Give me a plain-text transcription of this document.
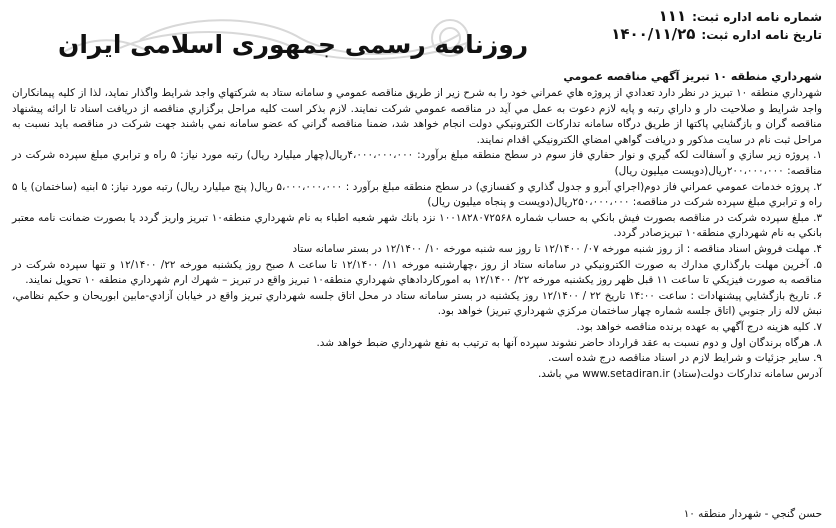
شماره نامه اداره ثبت:۱۱۱
تاریخ نامه اداره ثبت:۱۴۰۰/۱۱/۲۵
روزنامه رسمی جمهوری اسلامی ایران
شهرداري منطقه ۱۰ تبريز آگهي مناقصه عمومي

شهرداري منطقه ۱۰ تبريز در نظر دارد تعدادي از پروژه هاي عمراني خود را به شرح زير از طريق مناقصه عمومي و سامانه ستاد به شركتهاي واجد شرايط واگذار نمايد، لذا از كليه پيمانكاران واجد شرايط و صلاحيت دار و داراي رتبه و پايه لازم دعوت به عمل مي آيد در مناقصه عمومي شركت نمايند. لازم بذكر است كليه مراحل برگزاري مناقصه از دريافت اسناد تا ارائه پيشنهاد مناقصه گران و بازگشايي پاكتها از طريق درگاه سامانه تداركات الكترونيكي دولت انجام خواهد شد، ضمنا مناقصه گراني كه عضو سامانه نمي باشند جهت شركت در مناقصه بايد نسبت به مراحل ثبت نام در سايت مذكور و دريافت گواهي امضاي الكترونيكي اقدام نمايند.

۱. پروژه زير سازي و آسفالت لكه گيري و نوار حفاري فاز سوم در سطح منطقه مبلغ برآورد: ۴،۰۰۰،۰۰۰،۰۰۰ريال(چهار ميليارد ريال) رتبه مورد نياز: ۵ راه و ترابري مبلغ سپرده شركت در مناقصه: ۲۰۰،۰۰۰،۰۰۰ريال(دويست ميليون ريال)

۲. پروژه خدمات عمومي عمراني فاز دوم(اجراي آبرو و جدول گذاري و كفسازي) در سطح منطقه مبلغ برآورد : ۵،۰۰۰،۰۰۰،۰۰۰ ريال( پنج ميليارد ريال) رتبه مورد نياز: ۵ ابنيه (ساختمان) يا ۵ راه و ترابري مبلغ سپرده شركت در مناقصه: ۲۵۰،۰۰۰،۰۰۰ريال(دويست و پنجاه ميليون ريال)

۳. مبلغ سپرده شركت در مناقصه بصورت فيش بانكي به حساب شماره ۱۰۰۱۸۲۸۰۷۲۵۶۸ نزد بانك شهر شعبه اطباء به نام شهرداري منطقه۱۰ تبريز واريز گردد يا بصورت ضمانت نامه معتبر بانكي به نام شهرداري منطقه۱۰ تبريزصادر گردد.

۴. مهلت فروش اسناد مناقصه : از روز شنبه مورخه ۰۷/ ۱۲/۱۴۰۰ تا روز سه شنبه مورخه ۱۰/ ۱۲/۱۴۰۰ در بستر سامانه ستاد

۵. آخرين مهلت بارگذاري مدارك به صورت الكترونيكي در سامانه ستاد از روز ،چهارشنبه مورخه ۱۱/ ۱۲/۱۴۰۰ تا ساعت ۸ صبح روز يكشنبه مورخه ۲۲/ ۱۲/۱۴۰۰ و تنها سپرده شركت در مناقصه به صورت فيزيكي تا ساعت ۱۱ قبل ظهر روز يكشنبه مورخه ۲۲/ ۱۲/۱۴۰۰ به اموركارداد‌هاي شهرداري منطقه۱۰ تبريز واقع در تبريز – شهرك ارم شهرداري منطقه ۱۰ تحويل نمايند.

۶. تاريخ بازگشايي پيشنهادات : ساعت ۱۴:۰۰ تاريخ ۲۲ / ۱۲/۱۴۰۰ روز يكشنبه در بستر سامانه ستاد در محل اتاق جلسه شهرداري تبريز واقع در خيابان آزادي-مابين ابوريحان و حكيم نظامي، نبش لاله زار جنوبي (اتاق جلسه شماره چهار ساختمان مركزي شهرداري تبريز) خواهد بود.

۷. كليه هزينه درج آگهي به عهده برنده مناقصه خواهد بود.

۸. هرگاه برندگان اول و دوم نسبت به عقد قرارداد حاضر نشوند سپرده آنها به ترتيب به نفع شهرداري ضبط خواهد شد.

۹. ساير جزئيات و شرايط لازم در اسناد مناقصه درج شده است.

آدرس سامانه تداركات دولت(ستاد) www.setadiran.ir مي باشد.

حسن گنجي - شهردار منطقه ۱۰
